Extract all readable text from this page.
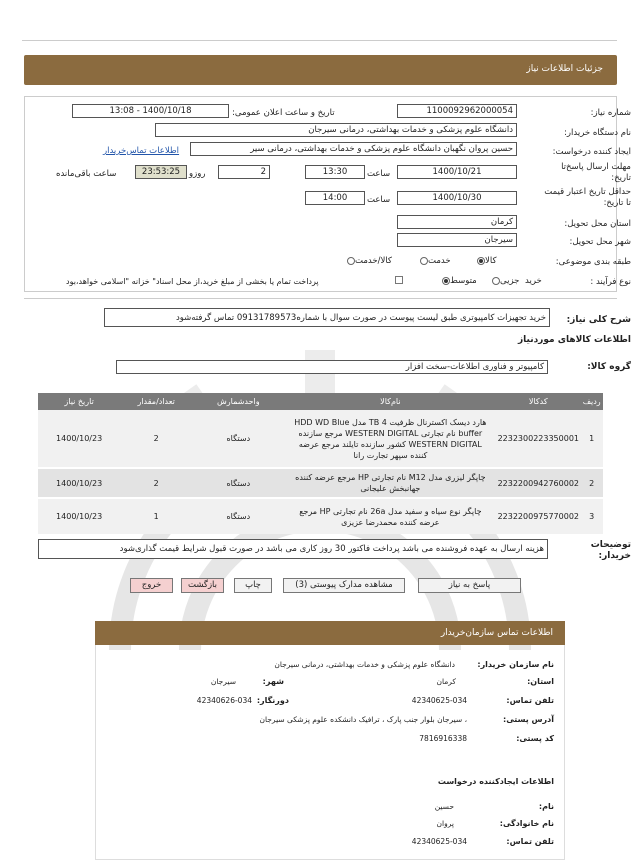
جزئیات اطلاعات نیاز
شماره نیاز:
1100092962000054
تاریخ و ساعت اعلان عمومی:
1400/10/18 - 13:08
نام دستگاه خریدار:
دانشگاه علوم پزشکی و خدمات بهداشتی، درمانی سیرجان
ایجاد کننده درخواست:
حسین پروان نگهبان دانشگاه علوم پزشکی و خدمات بهداشتی، درمانی سیر
اطلاعات تماس‌خریدار
مهلت ارسال پاسخ‌تا تاریخ:
1400/10/21
ساعت
13:30
2
روزو
23:53:25
ساعت باقی‌مانده
حداقل تاریخ اعتبار قیمت تا تاریخ:
1400/10/30
ساعت
14:00
استان محل تحویل:
کرمان
شهر محل تحویل:
سیرجان
طبقه بندی موضوعی:
کالا
خدمت
کالا/خدمت
نوع فرآیند :
خرید
جزیی
متوسط
پرداخت تمام یا بخشی از مبلغ خرید،از محل اسناد" خزانه "اسلامی خواهد،بود
شرح کلی نیاز:
خرید تجهیزات کامپیوتری طبق لیست پیوست در صورت سوال با شماره09131789573 تماس گرفته‌شود
اطلاعات کالاهای موردنیاز
گروه کالا:
کامپیوتر و فناوری اطلاعات-سخت افزار
ردیف	کدکالا	نام‌کالا	واحدشمارش	تعداد/مقدار	تاریخ نیاز
1	2232300223350001	هارد دیسک اکسترنال ظرفیت 4 TB مدل HDD WD Blue buffer نام تجارتی WESTERN DIGITAL مرجع سازنده WESTERN DIGITAL کشور سازنده تایلند مرجع عرضه کننده سپهر تجارت رانا	دستگاه	2	1400/10/23
2	2232200942760002	چاپگر لیزری مدل M12 نام تجارتی HP مرجع عرضه کننده جهانبخش علیجانی	دستگاه	2	1400/10/23
3	2232200975770002	چاپگر نوع سیاه و سفید مدل 26a نام تجارتی HP مرجع عرضه کننده محمدرضا عزیزی	دستگاه	1	1400/10/23
توضیحات خریدار:
هزینه ارسال به عهده فروشنده می باشد پرداخت فاکتور 30 روز کاری می باشد در صورت قبول شرایط قیمت گذاری‌شود
پاسخ به نیاز
مشاهده مدارک پیوستی (3)
چاپ
بازگشت
خروج
اطلاعات تماس سازمان‌خریدار
نام سازمان خریدار:
دانشگاه علوم پزشکی و خدمات بهداشتی، درمانی سیرجان
استان:
کرمان
شهر:
سیرجان
تلفن تماس:
42340625-034
دورنگار:
42340626-034
آدرس پستی:
، سیرجان بلوار جنب پارک ، ترافیک دانشکده علوم پزشکی سیرجان
کد پستی:
7816916338
اطلاعات ایجادکننده درخواست
نام:
حسین
نام خانوادگی:
پروان
تلفن تماس:
42340625-034
